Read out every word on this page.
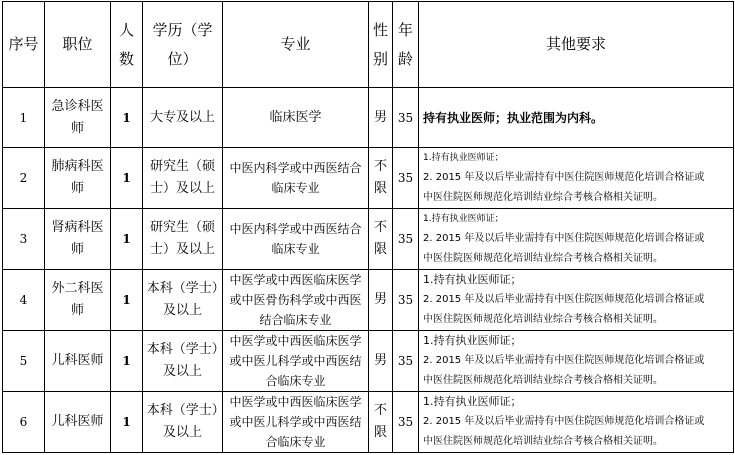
序号	职位	人数	学历（学位）	专业	性别	年龄	其他要求
1	急诊科医师	1	大专及以上	临床医学	男	35	持有执业医师；执业范围为内科。
2	肺病科医师	1	研究生（硕士）及以上	中医内科学或中西医结合临床专业	不限	35	1.持有执业医师证；
2. 2015 年及以后毕业需持有中医住院医师规范化培训合格证或
中医住院医师规范化培训结业综合考核合格相关证明。

3	肾病科医师	1	研究生（硕士）及以上	中医内科学或中西医结合临床专业	不限	35	1.持有执业医师证；
2. 2015 年及以后毕业需持有中医住院医师规范化培训合格证或
中医住院医师规范化培训结业综合考核合格相关证明。

4	外二科医师	1	本科（学士）及以上	中医学或中西医临床医学或中医骨伤科学或中西医结合临床专业	男	35	1.持有执业医师证；
2. 2015 年及以后毕业需持有中医住院医师规范化培训合格证或
中医住院医师规范化培训结业综合考核合格相关证明。

5	儿科医师	1	本科（学士）及以上	中医学或中西医临床医学或中医儿科学或中西医结合临床专业	男	35	1.持有执业医师证；
2. 2015 年及以后毕业需持有中医住院医师规范化培训合格证或
中医住院医师规范化培训结业综合考核合格相关证明。

6	儿科医师	1	本科（学士）及以上	中医学或中西医临床医学或中医儿科学或中西医结合临床专业	不限	35	1.持有执业医师证；
2. 2015 年及以后毕业需持有中医住院医师规范化培训合格证或
中医住院医师规范化培训结业综合考核合格相关证明。
